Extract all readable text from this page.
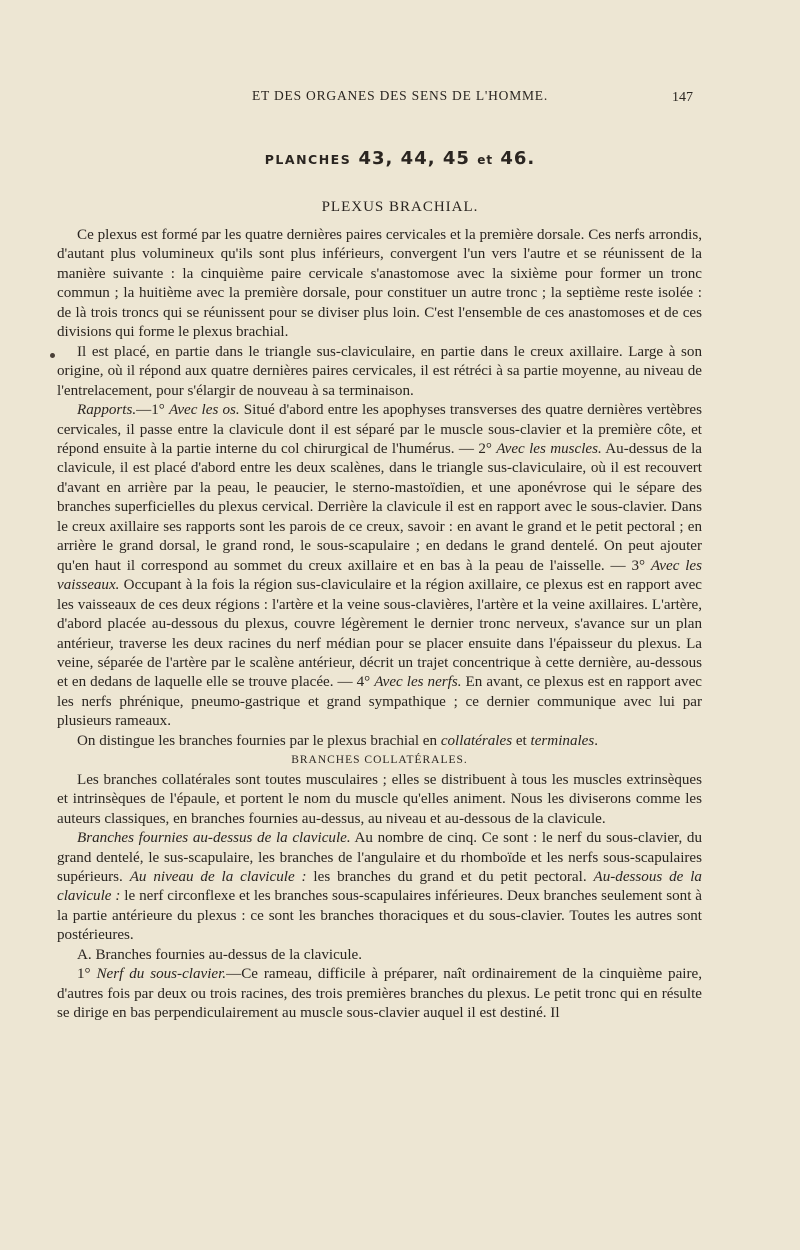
ET DES ORGANES DES SENS DE L'HOMME.	147
PLANCHES 43, 44, 45 et 46.
PLEXUS BRACHIAL.

Ce plexus est formé par les quatre dernières paires cervicales et la première dorsale. Ces nerfs arrondis, d'autant plus volumineux qu'ils sont plus inférieurs, convergent l'un vers l'autre et se réunissent de la manière suivante : la cinquième paire cervicale s'anastomose avec la sixième pour former un tronc commun ; la huitième avec la première dorsale, pour constituer un autre tronc ; la septième reste isolée : de là trois troncs qui se réunissent pour se diviser plus loin. C'est l'ensemble de ces anastomoses et de ces divisions qui forme le plexus brachial.

Il est placé, en partie dans le triangle sus-claviculaire, en partie dans le creux axillaire. Large à son origine, où il répond aux quatre dernières paires cervicales, il est rétréci à sa partie moyenne, au niveau de l'entrelacement, pour s'élargir de nouveau à sa terminaison.

Rapports.—1° Avec les os. Situé d'abord entre les apophyses transverses des quatre dernières vertèbres cervicales, il passe entre la clavicule dont il est séparé par le muscle sous-clavier et la première côte, et répond ensuite à la partie interne du col chirurgical de l'humérus. — 2° Avec les muscles. Au-dessus de la clavicule, il est placé d'abord entre les deux scalènes, dans le triangle sus-claviculaire, où il est recouvert d'avant en arrière par la peau, le peaucier, le sterno-mastoïdien, et une aponévrose qui le sépare des branches superficielles du plexus cervical. Derrière la clavicule il est en rapport avec le sous-clavier. Dans le creux axillaire ses rapports sont les parois de ce creux, savoir : en avant le grand et le petit pectoral ; en arrière le grand dorsal, le grand rond, le sous-scapulaire ; en dedans le grand dentelé. On peut ajouter qu'en haut il correspond au sommet du creux axillaire et en bas à la peau de l'aisselle. — 3° Avec les vaisseaux. Occupant à la fois la région sus-claviculaire et la région axillaire, ce plexus est en rapport avec les vaisseaux de ces deux régions : l'artère et la veine sous-clavières, l'artère et la veine axillaires. L'artère, d'abord placée au-dessous du plexus, couvre légèrement le dernier tronc nerveux, s'avance sur un plan antérieur, traverse les deux racines du nerf médian pour se placer ensuite dans l'épaisseur du plexus. La veine, séparée de l'artère par le scalène antérieur, décrit un trajet concentrique à cette dernière, au-dessous et en dedans de laquelle elle se trouve placée. — 4° Avec les nerfs. En avant, ce plexus est en rapport avec les nerfs phrénique, pneumo-gastrique et grand sympathique ; ce dernier communique avec lui par plusieurs rameaux.

On distingue les branches fournies par le plexus brachial en collatérales et terminales.

BRANCHES COLLATÉRALES.

Les branches collatérales sont toutes musculaires ; elles se distribuent à tous les muscles extrinsèques et intrinsèques de l'épaule, et portent le nom du muscle qu'elles animent. Nous les diviserons comme les auteurs classiques, en branches fournies au-dessus, au niveau et au-dessous de la clavicule.

Branches fournies au-dessus de la clavicule. Au nombre de cinq. Ce sont : le nerf du sous-clavier, du grand dentelé, le sus-scapulaire, les branches de l'angulaire et du rhomboïde et les nerfs sous-scapulaires supérieurs. Au niveau de la clavicule : les branches du grand et du petit pectoral. Au-dessous de la clavicule : le nerf circonflexe et les branches sous-scapulaires inférieures. Deux branches seulement sont à la partie antérieure du plexus : ce sont les branches thoraciques et du sous-clavier. Toutes les autres sont postérieures.

A. Branches fournies au-dessus de la clavicule.

1° Nerf du sous-clavier.—Ce rameau, difficile à préparer, naît ordinairement de la cinquième paire, d'autres fois par deux ou trois racines, des trois premières branches du plexus. Le petit tronc qui en résulte se dirige en bas perpendiculairement au muscle sous-clavier auquel il est destiné. Il
